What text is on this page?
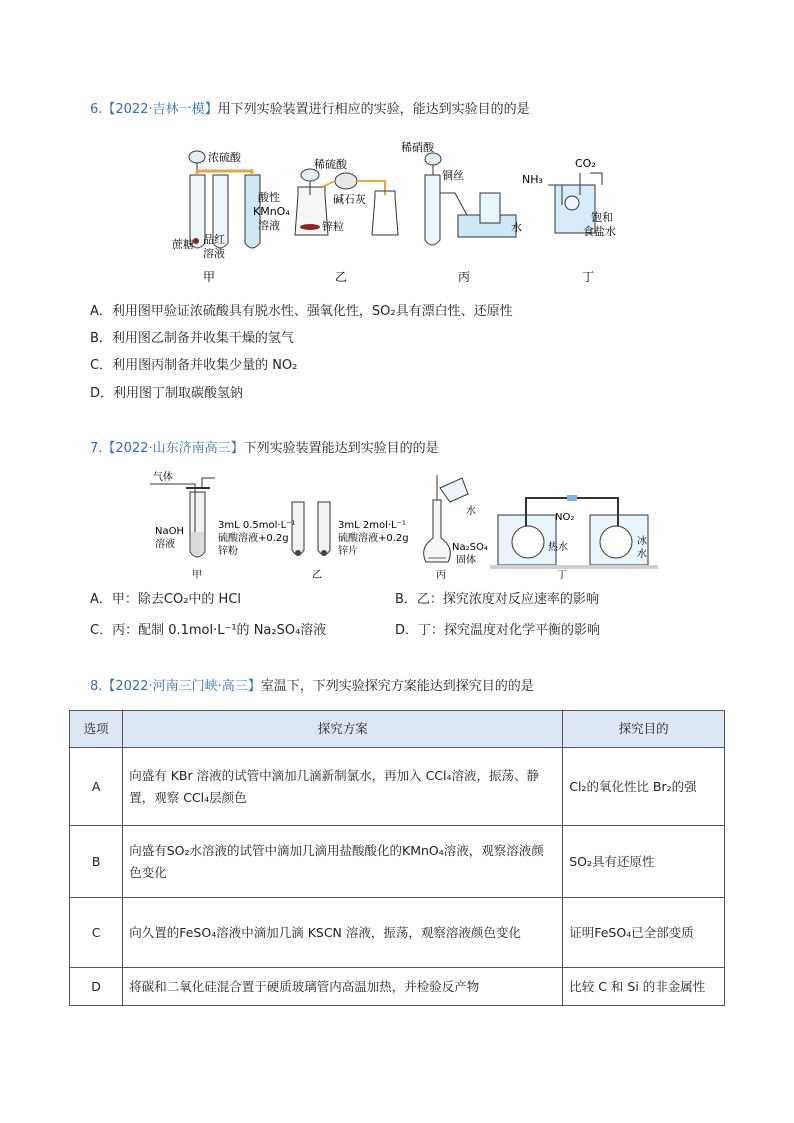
6.【2022·吉林一模】用下列实验装置进行相应的实验，能达到实验目的的是
浓硫酸
酸性
KMnO₄
溶液
蔗糖 品红
溶液
甲
稀硫酸
碱石灰
锌粒
乙
稀硝酸
铜丝
水
丙
NH₃
CO₂
饱和
食盐水
丁
A．利用图甲验证浓硫酸具有脱水性、强氧化性，SO₂具有漂白性、还原性
B．利用图乙制备并收集干燥的氢气
C．利用图丙制备并收集少量的 NO₂
D．利用图丁制取碳酸氢钠
7.【2022·山东济南高三】下列实验装置能达到实验目的的是
气体
NaOH
溶液
甲
3mL 0.5mol·L⁻¹
硫酸溶液+0.2g
锌粉
3mL 2mol·L⁻¹
硫酸溶液+0.2g
锌片
乙
水
Na₂SO₄
固体
丙
NO₂
热水
冰
水
丁
A．甲：除去CO₂中的 HCl	B．乙：探究浓度对反应速率的影响
C．丙：配制 0.1mol·L⁻¹的 Na₂SO₄溶液	D．丁：探究温度对化学平衡的影响
8.【2022·河南三门峡·高三】室温下，下列实验探究方案能达到探究目的的是
选项	探究方案	探究目的
A	向盛有 KBr 溶液的试管中滴加几滴新制氯水，再加入 CCl₄溶液，振荡、静置，观察 CCl₄层颜色	Cl₂的氧化性比 Br₂的强
B	向盛有SO₂水溶液的试管中滴加几滴用盐酸酸化的KMnO₄溶液，观察溶液颜色变化	SO₂具有还原性
C	向久置的FeSO₄溶液中滴加几滴 KSCN 溶液，振荡，观察溶液颜色变化	证明FeSO₄已全部变质
D	将碳和二氧化硅混合置于硬质玻璃管内高温加热，并检验反产物	比较 C 和 Si 的非金属性
